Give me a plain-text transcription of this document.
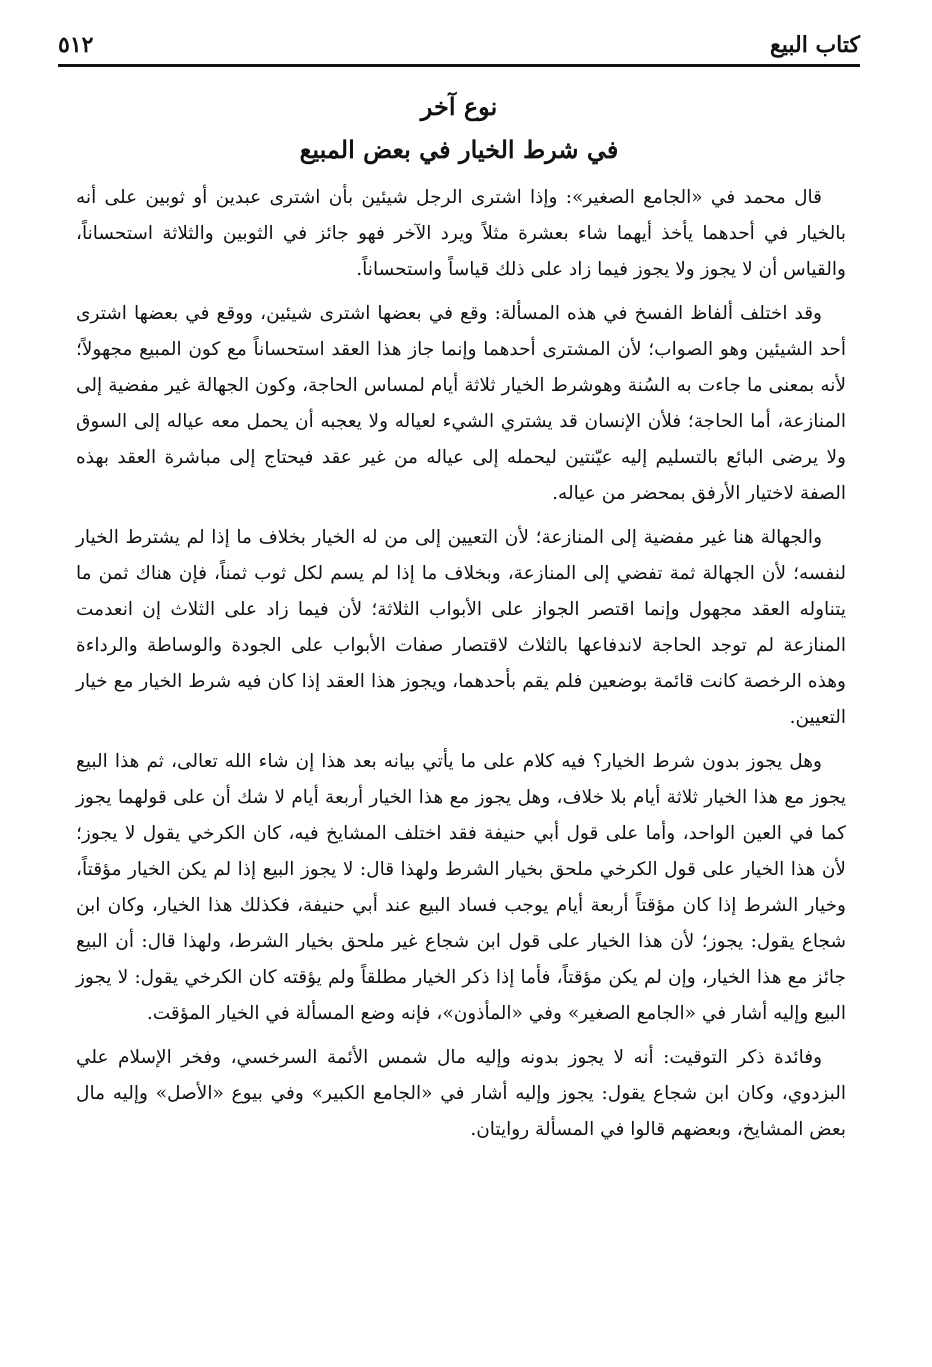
كتاب البيع
٥١٢
نوع آخر
في شرط الخيار في بعض المبيع

قال محمد في «الجامع الصغير»: وإذا اشترى الرجل شيئين بأن اشترى عبدين أو ثوبين على أنه بالخيار في أحدهما يأخذ أيهما شاء بعشرة مثلاً ويرد الآخر فهو جائز في الثوبين والثلاثة استحساناً، والقياس أن لا يجوز ولا يجوز فيما زاد على ذلك قياساً واستحساناً.

وقد اختلف ألفاظ الفسخ في هذه المسألة: وقع في بعضها اشترى شيئين، ووقع في بعضها اشترى أحد الشيئين وهو الصواب؛ لأن المشترى أحدهما وإنما جاز هذا العقد استحساناً مع كون المبيع مجهولاً؛ لأنه بمعنى ما جاءت به السُنة وهوشرط الخيار ثلاثة أيام لمساس الحاجة، وكون الجهالة غير مفضية إلى المنازعة، أما الحاجة؛ فلأن الإنسان قد يشتري الشيء لعياله ولا يعجبه أن يحمل معه عياله إلى السوق ولا يرضى البائع بالتسليم إليه عيّنتين ليحمله إلى عياله من غير عقد فيحتاج إلى مباشرة العقد بهذه الصفة لاختيار الأرفق بمحضر من عياله.

والجهالة هنا غير مفضية إلى المنازعة؛ لأن التعيين إلى من له الخيار بخلاف ما إذا لم يشترط الخيار لنفسه؛ لأن الجهالة ثمة تفضي إلى المنازعة، وبخلاف ما إذا لم يسم لكل ثوب ثمناً، فإن هناك ثمن ما يتناوله العقد مجهول وإنما اقتصر الجواز على الأبواب الثلاثة؛ لأن فيما زاد على الثلاث إن انعدمت المنازعة لم توجد الحاجة لاندفاعها بالثلاث لاقتصار صفات الأبواب على الجودة والوساطة والرداءة وهذه الرخصة كانت قائمة بوضعين فلم يقم بأحدهما، ويجوز هذا العقد إذا كان فيه شرط الخيار مع خيار التعيين.

وهل يجوز بدون شرط الخيار؟ فيه كلام على ما يأتي بيانه بعد هذا إن شاء الله تعالى، ثم هذا البيع يجوز مع هذا الخيار ثلاثة أيام بلا خلاف، وهل يجوز مع هذا الخيار أربعة أيام لا شك أن على قولهما يجوز كما في العين الواحد، وأما على قول أبي حنيفة فقد اختلف المشايخ فيه، كان الكرخي يقول لا يجوز؛ لأن هذا الخيار على قول الكرخي ملحق بخيار الشرط ولهذا قال: لا يجوز البيع إذا لم يكن الخيار مؤقتاً، وخيار الشرط إذا كان مؤقتاً أربعة أيام يوجب فساد البيع عند أبي حنيفة، فكذلك هذا الخيار، وكان ابن شجاع يقول: يجوز؛ لأن هذا الخيار على قول ابن شجاع غير ملحق بخيار الشرط، ولهذا قال: أن البيع جائز مع هذا الخيار، وإن لم يكن مؤقتاً، فأما إذا ذكر الخيار مطلقاً ولم يؤقته كان الكرخي يقول: لا يجوز البيع وإليه أشار في «الجامع الصغير» وفي «المأذون»، فإنه وضع المسألة في الخيار المؤقت.

وفائدة ذكر التوقيت: أنه لا يجوز بدونه وإليه مال شمس الأئمة السرخسي، وفخر الإسلام علي البزدوي، وكان ابن شجاع يقول: يجوز وإليه أشار في «الجامع الكبير» وفي بيوع «الأصل» وإليه مال بعض المشايخ، وبعضهم قالوا في المسألة روايتان.
